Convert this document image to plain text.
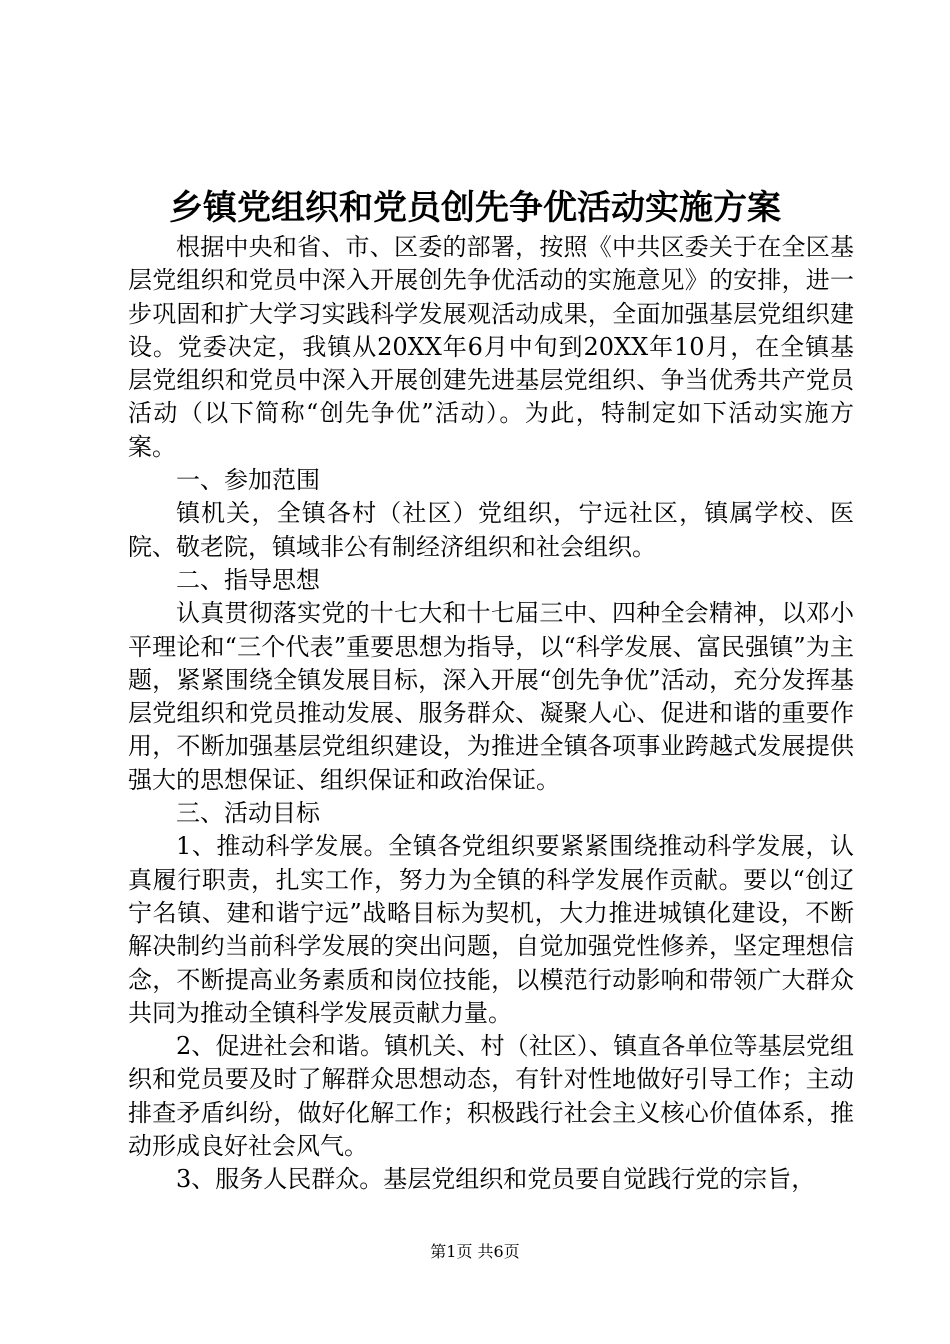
乡镇党组织和党员创先争优活动实施方案

根据中央和省、市、区委的部署，按照《中共区委关于在全区基层党组织和党员中深入开展创先争优活动的实施意见》的安排，进一步巩固和扩大学习实践科学发展观活动成果，全面加强基层党组织建设。党委决定，我镇从20XX年6月中旬到20XX年10月，在全镇基层党组织和党员中深入开展创建先进基层党组织、争当优秀共产党员活动（以下简称“创先争优”活动）。为此，特制定如下活动实施方案。

一、参加范围

镇机关，全镇各村（社区）党组织，宁远社区，镇属学校、医院、敬老院，镇域非公有制经济组织和社会组织。

二、指导思想

认真贯彻落实党的十七大和十七届三中、四种全会精神，以邓小平理论和“三个代表”重要思想为指导，以“科学发展、富民强镇”为主题，紧紧围绕全镇发展目标，深入开展“创先争优”活动，充分发挥基层党组织和党员推动发展、服务群众、凝聚人心、促进和谐的重要作用，不断加强基层党组织建设，为推进全镇各项事业跨越式发展提供强大的思想保证、组织保证和政治保证。

三、活动目标

1、推动科学发展。全镇各党组织要紧紧围绕推动科学发展，认真履行职责，扎实工作，努力为全镇的科学发展作贡献。要以“创辽宁名镇、建和谐宁远”战略目标为契机，大力推进城镇化建设，不断解决制约当前科学发展的突出问题，自觉加强党性修养，坚定理想信念，不断提高业务素质和岗位技能，以模范行动影响和带领广大群众共同为推动全镇科学发展贡献力量。

2、促进社会和谐。镇机关、村（社区）、镇直各单位等基层党组织和党员要及时了解群众思想动态，有针对性地做好引导工作；主动排查矛盾纠纷，做好化解工作；积极践行社会主义核心价值体系，推动形成良好社会风气。

3、服务人民群众。基层党组织和党员要自觉践行党的宗旨，

第1页 共6页
